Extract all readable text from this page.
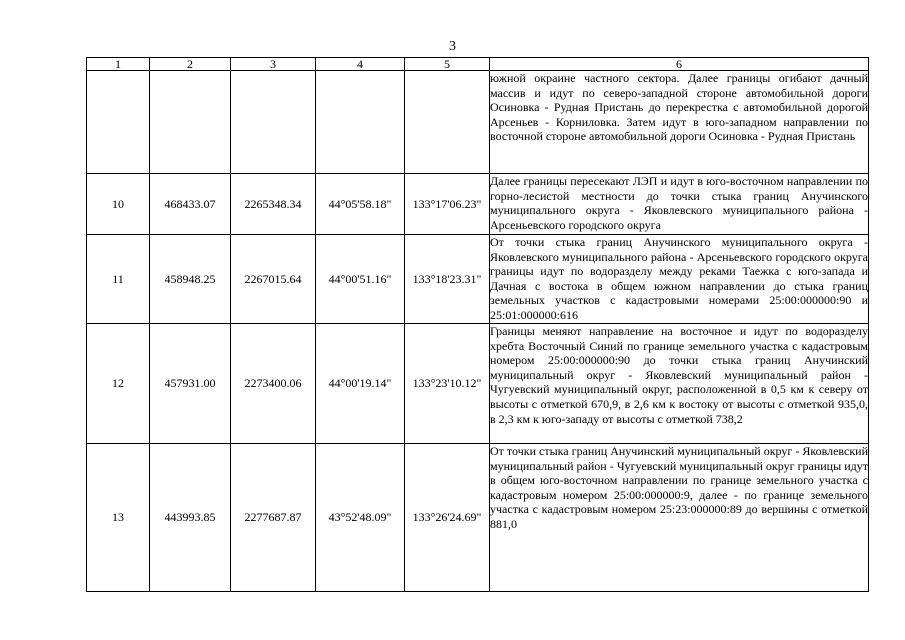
3
1	2	3	4	5	6
					южной окраине частного сектора. Далее границы огибают дачный массив и идут по северо-западной стороне автомобильной дороги Осиновка - Рудная Пристань до перекрестка с автомобильной дорогой Арсеньев - Корниловка. Затем идут в юго-западном направлении по восточной стороне автомобильной дороги Осиновка - Рудная Пристань
10	468433.07	2265348.34	44°05'58.18"	133°17'06.23"	Далее границы пересекают ЛЭП и идут в юго-восточном направлении по горно-лесистой местности до точки стыка границ Анучинского муниципального округа - Яковлевского муниципального района - Арсеньевского городского округа
11	458948.25	2267015.64	44°00'51.16"	133°18'23.31"	От точки стыка границ Анучинского муниципального округа - Яковлевского муниципального района - Арсеньевского городского округа границы идут по водоразделу между реками Таежка с юго-запада и Дачная с востока в общем южном направлении до стыка границ земельных участков с кадастровыми номерами 25:00:000000:90 и 25:01:000000:616
12	457931.00	2273400.06	44°00'19.14"	133°23'10.12"	Границы меняют направление на восточное и идут по водоразделу хребта Восточный Синий по границе земельного участка с кадастровым номером 25:00:000000:90 до точки стыка границ Анучинский муниципальный округ - Яковлевский муниципальный район - Чугуевский муниципальный округ, расположенной в 0,5 км к северу от высоты с отметкой 670,9, в 2,6 км к востоку от высоты с отметкой 935,0, в 2,3 км к юго-западу от высоты с отметкой 738,2
13	443993.85	2277687.87	43°52'48.09"	133°26'24.69"	От точки стыка границ Анучинский муниципальный округ - Яковлевский муниципальный район - Чугуевский муниципальный округ границы идут в общем юго-восточном направлении по границе земельного участка с кадастровым номером 25:00:000000:9, далее - по границе земельного участка с кадастровым номером 25:23:000000:89 до вершины с отметкой 881,0
